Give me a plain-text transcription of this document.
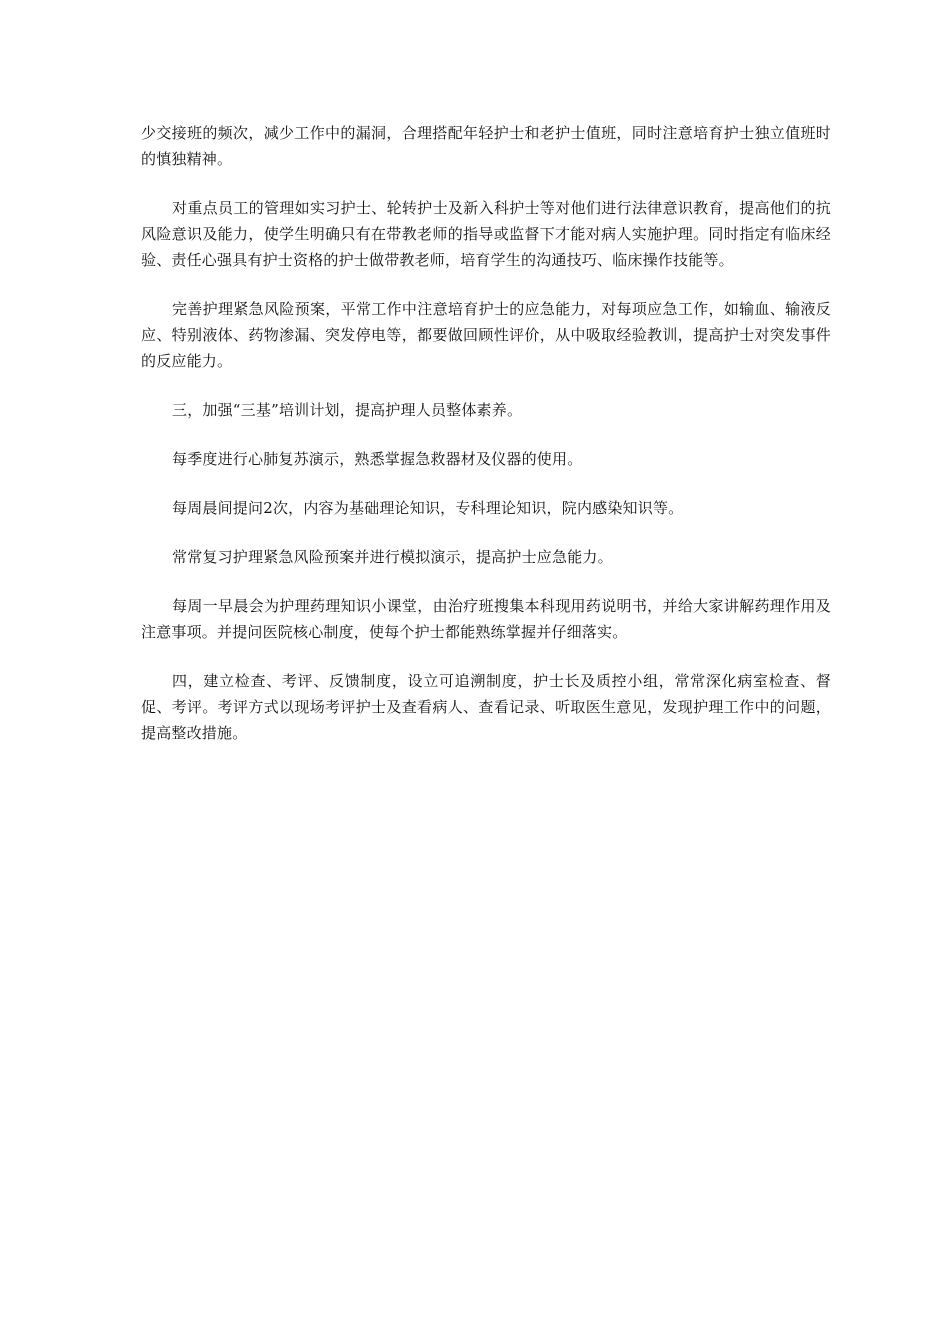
少交接班的频次，减少工作中的漏洞，合理搭配年轻护士和老护士值班，同时注意培育护士独立值班时的慎独精神。

对重点员工的管理如实习护士、轮转护士及新入科护士等对他们进行法律意识教育，提高他们的抗风险意识及能力，使学生明确只有在带教老师的指导或监督下才能对病人实施护理。同时指定有临床经验、责任心强具有护士资格的护士做带教老师，培育学生的沟通技巧、临床操作技能等。

完善护理紧急风险预案，平常工作中注意培育护士的应急能力，对每项应急工作，如输血、输液反应、特别液体、药物渗漏、突发停电等，都要做回顾性评价，从中吸取经验教训，提高护士对突发事件的反应能力。

三，加强“三基”培训计划，提高护理人员整体素养。

每季度进行心肺复苏演示，熟悉掌握急救器材及仪器的使用。

每周晨间提问2次，内容为基础理论知识，专科理论知识，院内感染知识等。

常常复习护理紧急风险预案并进行模拟演示，提高护士应急能力。

每周一早晨会为护理药理知识小课堂，由治疗班搜集本科现用药说明书，并给大家讲解药理作用及注意事项。并提问医院核心制度，使每个护士都能熟练掌握并仔细落实。

四，建立检查、考评、反馈制度，设立可追溯制度，护士长及质控小组，常常深化病室检查、督促、考评。考评方式以现场考评护士及查看病人、查看记录、听取医生意见，发现护理工作中的问题，提高整改措施。
